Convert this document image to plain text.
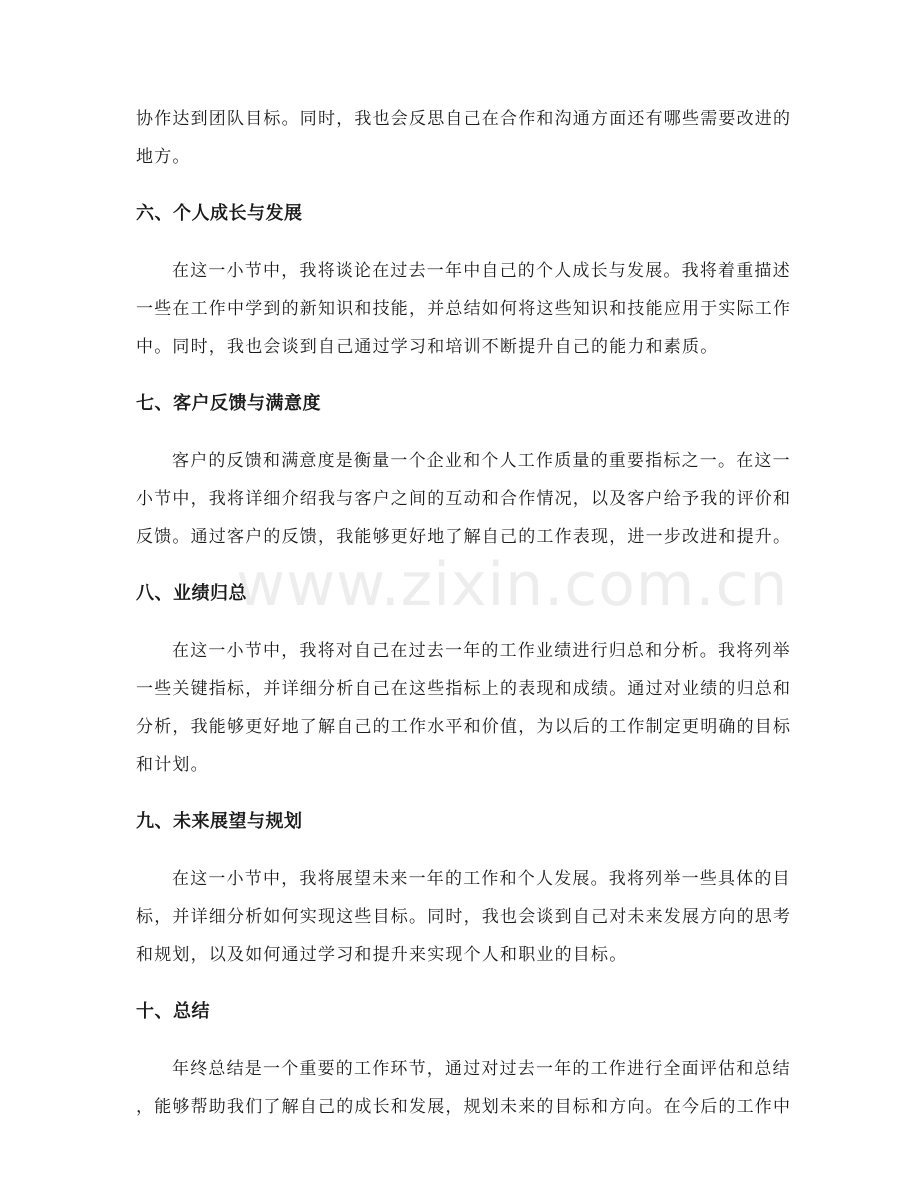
www.zixin.com.cn
协作达到团队目标。同时，我也会反思自己在合作和沟通方面还有哪些需要改进的
地方。
六、个人成长与发展
在这一小节中，我将谈论在过去一年中自己的个人成长与发展。我将着重描述
一些在工作中学到的新知识和技能，并总结如何将这些知识和技能应用于实际工作
中。同时，我也会谈到自己通过学习和培训不断提升自己的能力和素质。
七、客户反馈与满意度
客户的反馈和满意度是衡量一个企业和个人工作质量的重要指标之一。在这一
小节中，我将详细介绍我与客户之间的互动和合作情况，以及客户给予我的评价和
反馈。通过客户的反馈，我能够更好地了解自己的工作表现，进一步改进和提升。
八、业绩归总
在这一小节中，我将对自己在过去一年的工作业绩进行归总和分析。我将列举
一些关键指标，并详细分析自己在这些指标上的表现和成绩。通过对业绩的归总和
分析，我能够更好地了解自己的工作水平和价值，为以后的工作制定更明确的目标
和计划。
九、未来展望与规划
在这一小节中，我将展望未来一年的工作和个人发展。我将列举一些具体的目
标，并详细分析如何实现这些目标。同时，我也会谈到自己对未来发展方向的思考
和规划，以及如何通过学习和提升来实现个人和职业的目标。
十、总结
年终总结是一个重要的工作环节，通过对过去一年的工作进行全面评估和总结
，能够帮助我们了解自己的成长和发展，规划未来的目标和方向。在今后的工作中
